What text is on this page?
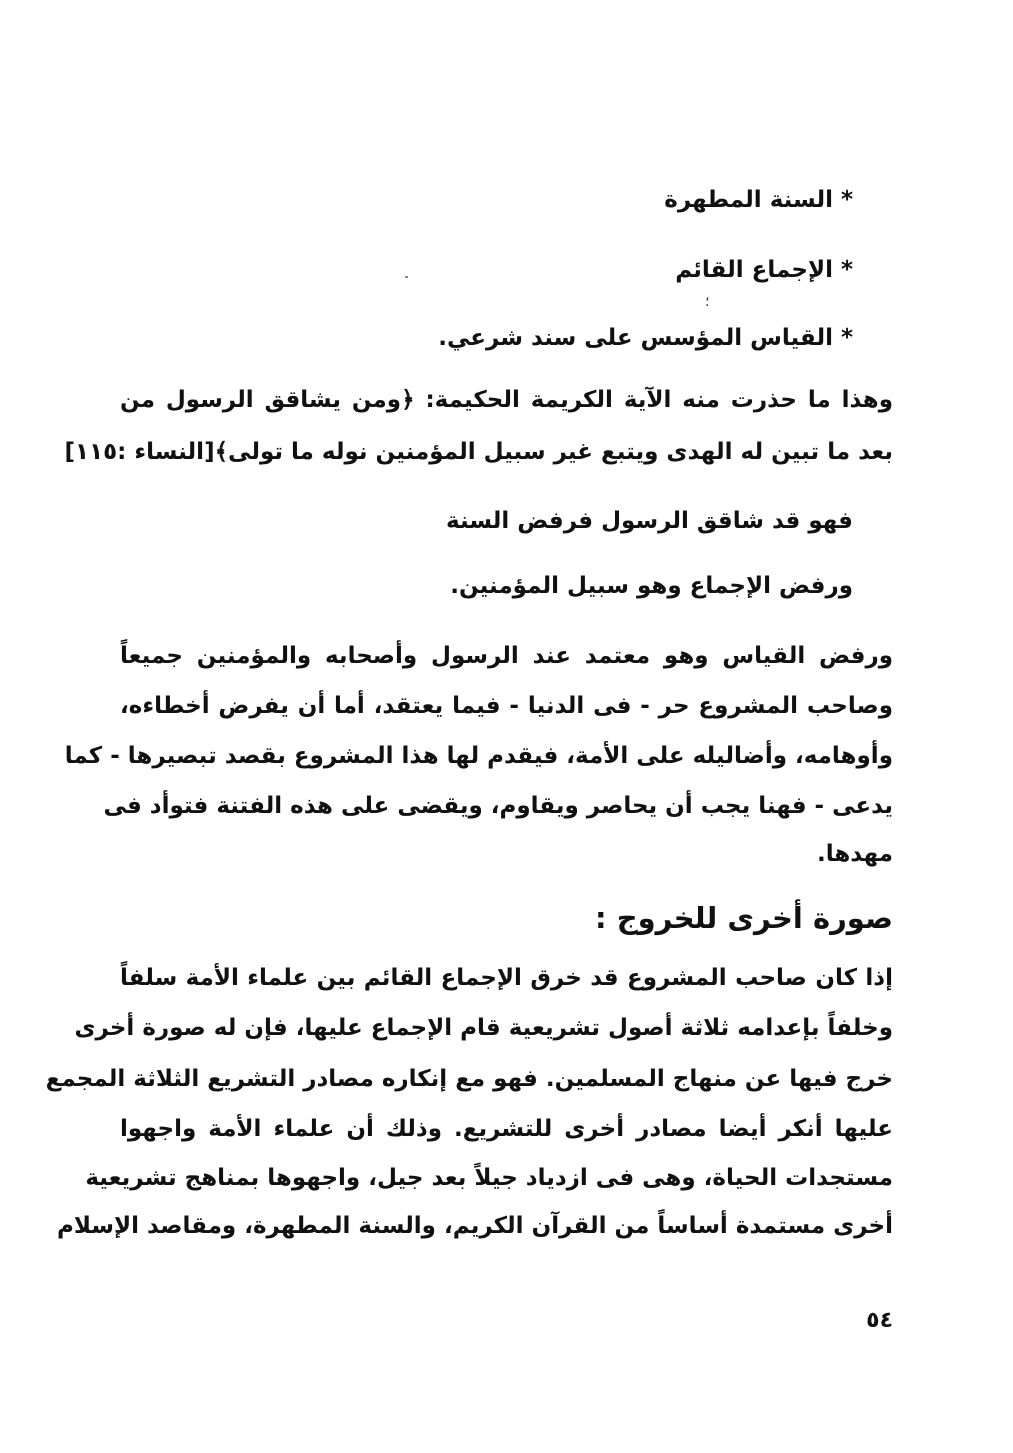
* السنة المطهرة
* الإجماع القائم
؛
* القياس المؤسس على سند شرعي.
وهذا ما حذرت منه الآية الكريمة الحكيمة: ﴿ومن يشاقق الرسول من
بعد ما تبين له الهدى ويتبع غير سبيل المؤمنين نوله ما تولى﴾[النساء :١١٥]
فهو قد شاقق الرسول فرفض السنة
ورفض الإجماع وهو سبيل المؤمنين.
ورفض القياس وهو معتمد عند الرسول وأصحابه والمؤمنين جميعاً
وصاحب المشروع حر - فى الدنيا - فيما يعتقد، أما أن يفرض أخطاءه،
وأوهامه، وأضاليله على الأمة، فيقدم لها هذا المشروع بقصد تبصيرها - كما
يدعى - فهنا يجب أن يحاصر ويقاوم، ويقضى على هذه الفتنة فتوأد فى
مهدها.
صورة أخرى للخروج :
إذا كان صاحب المشروع قد خرق الإجماع القائم بين علماء الأمة سلفاً
وخلفاً بإعدامه ثلاثة أصول تشريعية قام الإجماع عليها، فإن له صورة أخرى
خرج فيها عن منهاج المسلمين. فهو مع إنكاره مصادر التشريع الثلاثة المجمع
عليها أنكر أيضا مصادر أخرى للتشريع. وذلك أن علماء الأمة واجهوا
مستجدات الحياة، وهى فى ازدياد جيلاً بعد جيل، واجهوها بمناهج تشريعية
أخرى مستمدة أساساً من القرآن الكريم، والسنة المطهرة، ومقاصد الإسلام
٥٤
